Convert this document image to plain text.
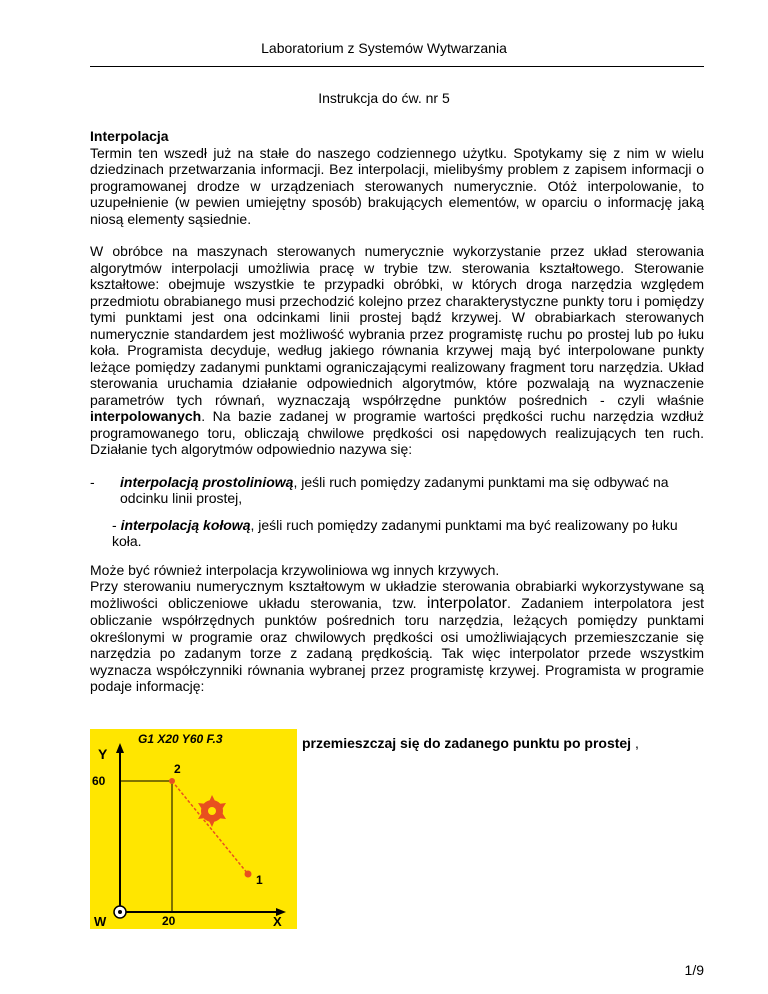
Laboratorium z Systemów Wytwarzania
Instrukcja do ćw. nr 5

Interpolacja

Termin ten wszedł już na stałe do naszego codziennego użytku. Spotykamy się z nim w wielu dziedzinach przetwarzania informacji. Bez interpolacji, mielibyśmy problem z zapisem informacji o programowanej drodze w urządzeniach sterowanych numerycznie. Otóż interpolowanie, to uzupełnienie (w pewien umiejętny sposób) brakujących elementów, w oparciu o informację jaką niosą elementy sąsiednie.

W obróbce na maszynach sterowanych numerycznie wykorzystanie przez układ sterowania algorytmów interpolacji umożliwia pracę w trybie tzw. sterowania kształtowego. Sterowanie kształtowe: obejmuje wszystkie te przypadki obróbki, w których droga narzędzia względem przedmiotu obrabianego musi przechodzić kolejno przez charakterystyczne punkty toru i pomiędzy tymi punktami jest ona odcinkami linii prostej bądź krzywej. W obrabiarkach sterowanych numerycznie standardem jest możliwość wybrania przez programistę ruchu po prostej lub po łuku koła. Programista decyduje, według jakiego równania krzywej mają być interpolowane punkty leżące pomiędzy zadanymi punktami ograniczającymi realizowany fragment toru narzędzia. Układ sterowania uruchamia działanie odpowiednich algorytmów, które pozwalają na wyznaczenie parametrów tych równań, wyznaczają współrzędne punktów pośrednich - czyli właśnie interpolowanych. Na bazie zadanej w programie wartości prędkości ruchu narzędzia wzdłuż programowanego toru, obliczają chwilowe prędkości osi napędowych realizujących ten ruch. Działanie tych algorytmów odpowiednio nazywa się:

-	interpolacją prostoliniową, jeśli ruch pomiędzy zadanymi punktami ma się odbywać na odcinku linii prostej,
- interpolacją kołową, jeśli ruch pomiędzy zadanymi punktami ma być realizowany po łuku koła.

Może być również interpolacja krzywoliniowa wg innych krzywych.

Przy sterowaniu numerycznym kształtowym w układzie sterowania obrabiarki wykorzystywane są możliwości obliczeniowe układu sterowania, tzw. interpolator. Zadaniem interpolatora jest obliczanie współrzędnych punktów pośrednich toru narzędzia, leżących pomiędzy punktami określonymi w programie oraz chwilowych prędkości osi umożliwiających przemieszczanie się narzędzia po zadanym torze z zadaną prędkością. Tak więc interpolator przede wszystkim wyznacza współczynniki równania wybranej przez programistę krzywej. Programista w programie podaje informację:

G1 X20 Y60 F.3
Y
X
60
20
W
2
1
przemieszczaj się do zadanego punktu po prostej ,
1/9
